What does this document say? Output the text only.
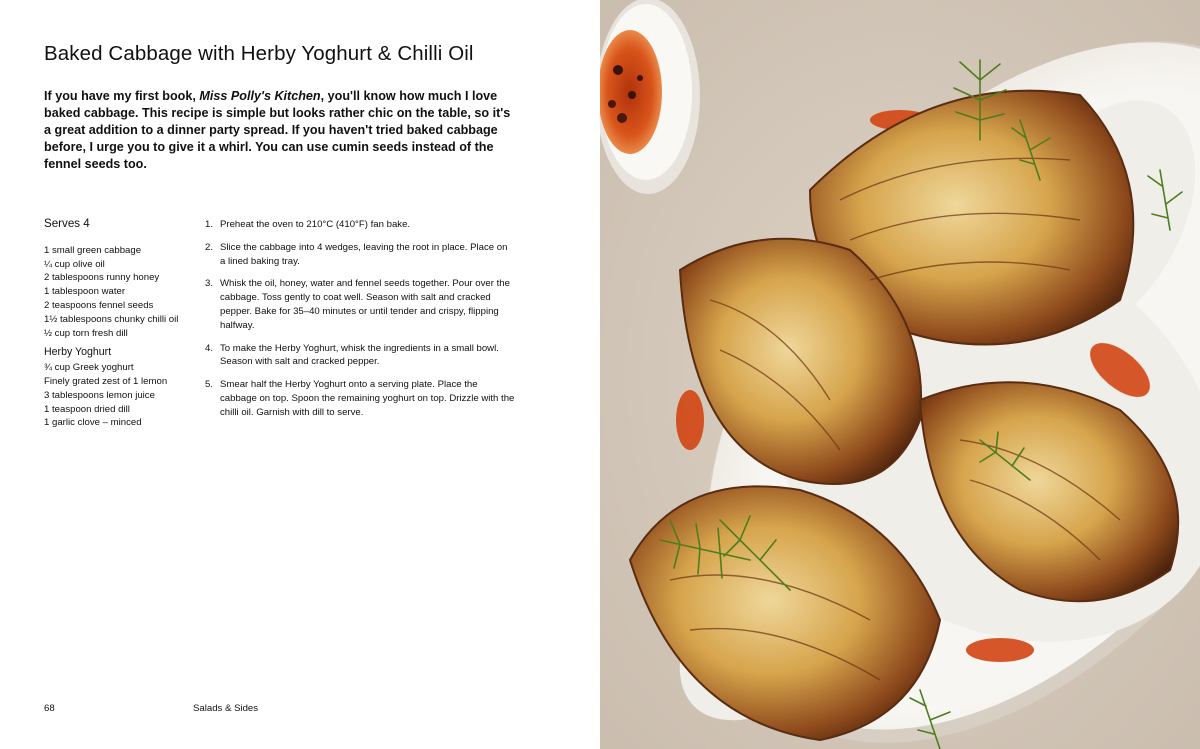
Baked Cabbage with Herby Yoghurt & Chilli Oil

If you have my first book, Miss Polly's Kitchen, you'll know how much I love baked cabbage. This recipe is simple but looks rather chic on the table, so it's a great addition to a dinner party spread. If you haven't tried baked cabbage before, I urge you to give it a whirl. You can use cumin seeds instead of the fennel seeds too.

Serves 4

1 small green cabbage
¼ cup olive oil
2 tablespoons runny honey
1 tablespoon water
2 teaspoons fennel seeds
1½ tablespoons chunky chilli oil
½ cup torn fresh dill

Herby Yoghurt

¾ cup Greek yoghurt
Finely grated zest of 1 lemon
3 tablespoons lemon juice
1 teaspoon dried dill
1 garlic clove – minced
1. Preheat the oven to 210°C (410°F) fan bake.
2. Slice the cabbage into 4 wedges, leaving the root in place. Place on a lined baking tray.
3. Whisk the oil, honey, water and fennel seeds together. Pour over the cabbage. Toss gently to coat well. Season with salt and cracked pepper. Bake for 35–40 minutes or until tender and crispy, flipping halfway.
4. To make the Herby Yoghurt, whisk the ingredients in a small bowl. Season with salt and cracked pepper.
5. Smear half the Herby Yoghurt onto a serving plate. Place the cabbage on top. Spoon the remaining yoghurt on top. Drizzle with the chilli oil. Garnish with dill to serve.
68	Salads & Sides
